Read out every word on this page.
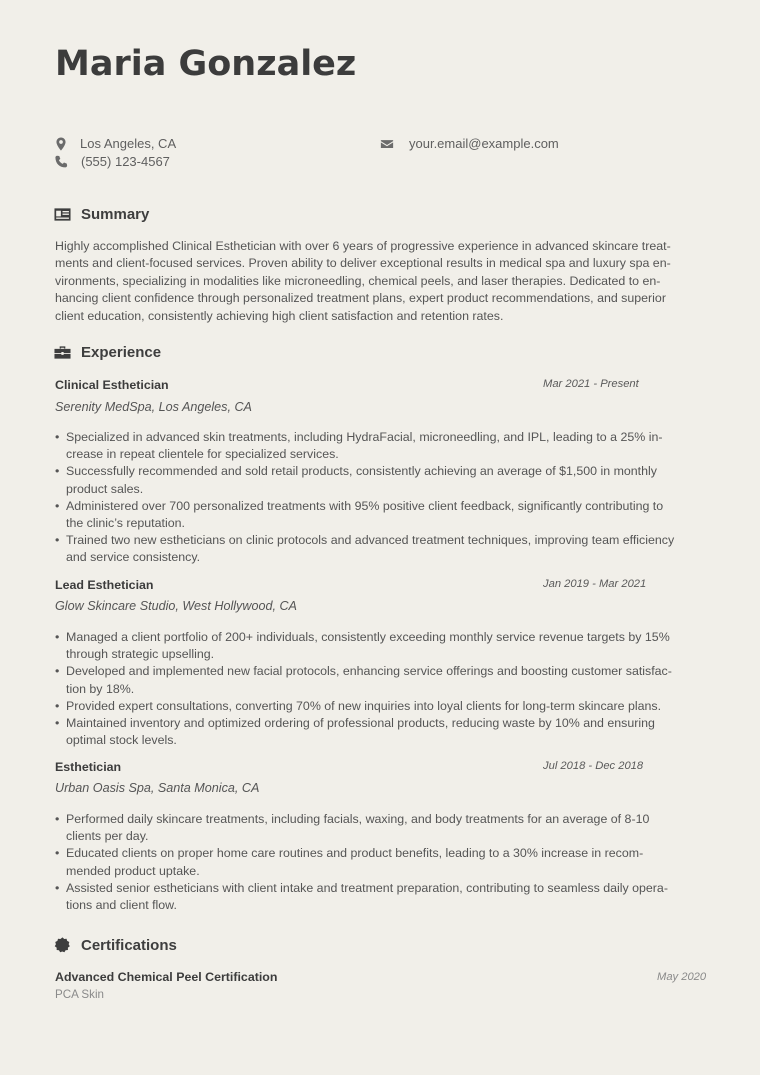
Maria Gonzalez
Los Angeles, CA
(555) 123-4567
your.email@example.com
Summary

Highly accomplished Clinical Esthetician with over 6 years of progressive experience in advanced skincare treat-
ments and client-focused services. Proven ability to deliver exceptional results in medical spa and luxury spa en-
vironments, specializing in modalities like microneedling, chemical peels, and laser therapies. Dedicated to en-
hancing client confidence through personalized treatment plans, expert product recommendations, and superior
client education, consistently achieving high client satisfaction and retention rates.

Experience
Clinical Esthetician	Mar 2021 - Present
Serenity MedSpa, Los Angeles, CA
• Specialized in advanced skin treatments, including HydraFacial, microneedling, and IPL, leading to a 25% in-
crease in repeat clientele for specialized services.
• Successfully recommended and sold retail products, consistently achieving an average of $1,500 in monthly
product sales.
• Administered over 700 personalized treatments with 95% positive client feedback, significantly contributing to
the clinic’s reputation.
• Trained two new estheticians on clinic protocols and advanced treatment techniques, improving team efficiency
and service consistency.
Lead Esthetician	Jan 2019 - Mar 2021
Glow Skincare Studio, West Hollywood, CA
• Managed a client portfolio of 200+ individuals, consistently exceeding monthly service revenue targets by 15%
through strategic upselling.
• Developed and implemented new facial protocols, enhancing service offerings and boosting customer satisfac-
tion by 18%.
• Provided expert consultations, converting 70% of new inquiries into loyal clients for long-term skincare plans.
• Maintained inventory and optimized ordering of professional products, reducing waste by 10% and ensuring
optimal stock levels.
Esthetician	Jul 2018 - Dec 2018
Urban Oasis Spa, Santa Monica, CA
• Performed daily skincare treatments, including facials, waxing, and body treatments for an average of 8-10
clients per day.
• Educated clients on proper home care routines and product benefits, leading to a 30% increase in recom-
mended product uptake.
• Assisted senior estheticians with client intake and treatment preparation, contributing to seamless daily opera-
tions and client flow.
Certifications
Advanced Chemical Peel Certification	May 2020
PCA Skin
